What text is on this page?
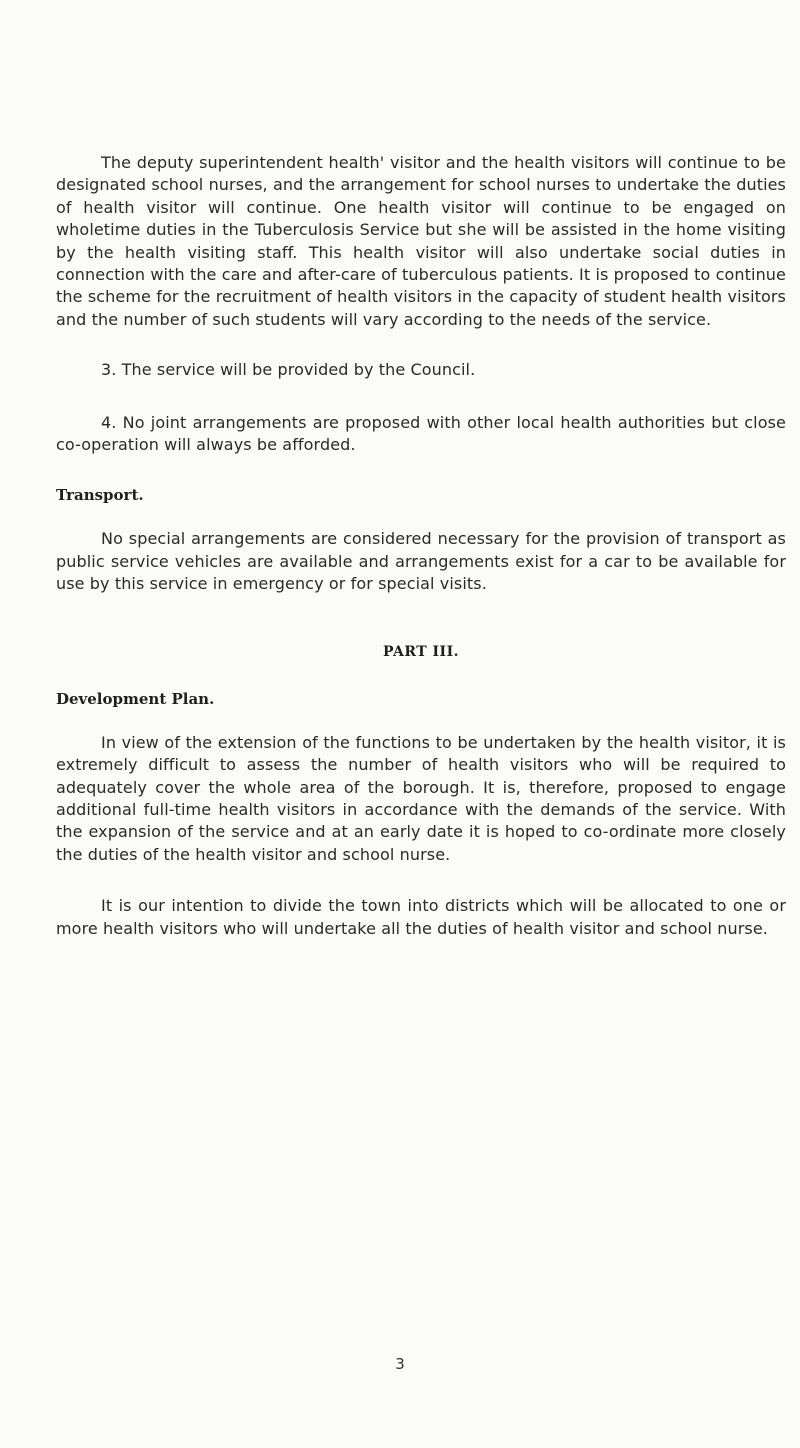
The deputy superintendent health' visitor and the health visitors will continue to be designated school nurses, and the arrangement for school nurses to undertake the duties of health visitor will continue. One health visitor will continue to be engaged on wholetime duties in the Tuberculosis Service but she will be assisted in the home visiting by the health visiting staff. This health visitor will also undertake social duties in connection with the care and after-care of tuberculous patients. It is proposed to continue the scheme for the recruitment of health visitors in the capacity of student health visitors and the number of such students will vary according to the needs of the service.

3. The service will be provided by the Council.

4. No joint arrangements are proposed with other local health authorities but close co-operation will always be afforded.

Transport.

No special arrangements are considered necessary for the provision of transport as public service vehicles are available and arrangements exist for a car to be available for use by this service in emergency or for special visits.

PART III.
Development Plan.

In view of the extension of the functions to be undertaken by the health visitor, it is extremely difficult to assess the number of health visitors who will be required to adequately cover the whole area of the borough. It is, therefore, proposed to engage additional full-time health visitors in accordance with the demands of the service. With the expansion of the service and at an early date it is hoped to co-ordinate more closely the duties of the health visitor and school nurse.

It is our intention to divide the town into districts which will be allocated to one or more health visitors who will undertake all the duties of health visitor and school nurse.

3
